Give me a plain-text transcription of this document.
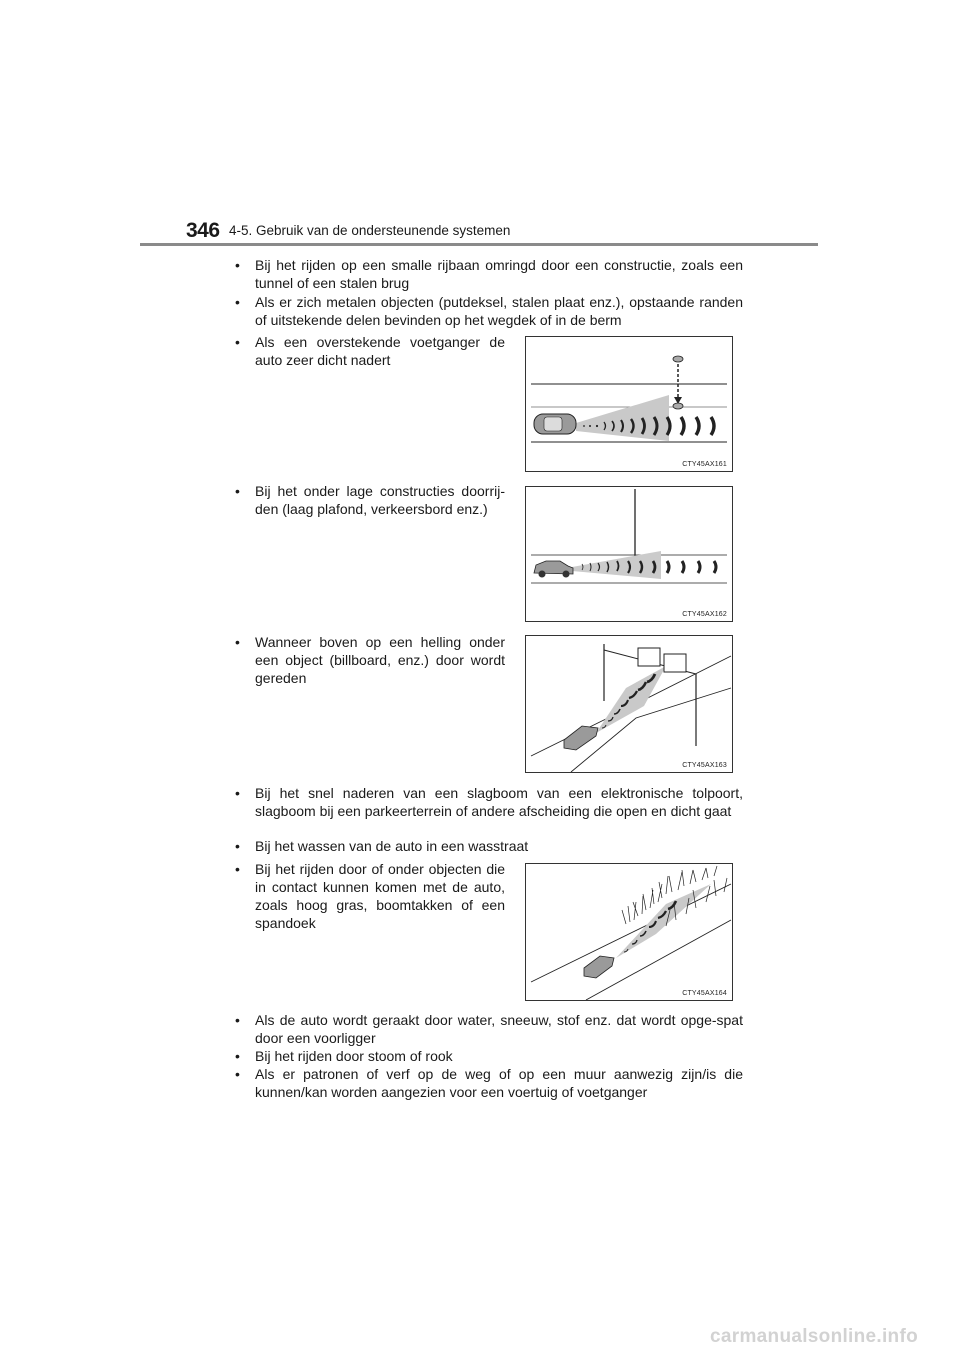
346 4-5. Gebruik van de ondersteunende systemen
•	Bij het rijden op een smalle rijbaan omringd door een constructie, zoals een tunnel of een stalen brug
•	Als er zich metalen objecten (putdeksel, stalen plaat enz.), opstaande randen of uitstekende delen bevinden op het wegdek of in de berm
•	Als een overstekende voetganger de auto zeer dicht nadert
CTY45AX161
•	Bij het onder lage constructies doorrij-den (laag plafond, verkeersbord enz.)
CTY45AX162
•	Wanneer boven op een helling onder een object (billboard, enz.) door wordt gereden
CTY45AX163
•	Bij het snel naderen van een slagboom van een elektronische tolpoort, slagboom bij een parkeerterrein of andere afscheiding die open en dicht gaat
•	Bij het wassen van de auto in een wasstraat
•	Bij het rijden door of onder objecten die in contact kunnen komen met de auto, zoals hoog gras, boomtakken of een spandoek
CTY45AX164
•	Als de auto wordt geraakt door water, sneeuw, stof enz. dat wordt opge-spat door een voorligger
•	Bij het rijden door stoom of rook
•	Als er patronen of verf op de weg of op een muur aanwezig zijn/is die kunnen/kan worden aangezien voor een voertuig of voetganger
carmanualsonline.info
